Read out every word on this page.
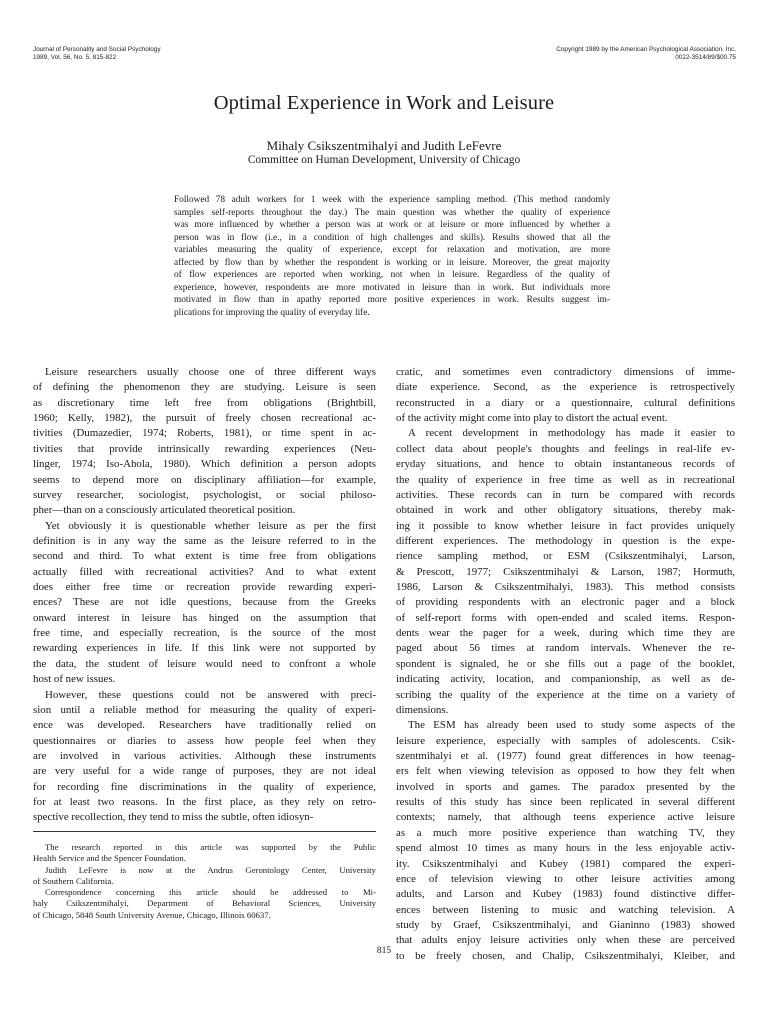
Journal of Personality and Social Psychology
1989, Vol. 56, No. 5, 815-822
Copyright 1989 by the American Psychological Association, Inc.
0022-3514/89/$00.75
Optimal Experience in Work and Leisure
Mihaly Csikszentmihalyi and Judith LeFevre
Committee on Human Development, University of Chicago
Followed 78 adult workers for 1 week with the experience sampling method. (This method randomly
samples self-reports throughout the day.) The main question was whether the quality of experience
was more influenced by whether a person was at work or at leisure or more influenced by whether a
person was in flow (i.e., in a condition of high challenges and skills). Results showed that all the
variables measuring the quality of experience, except for relaxation and motivation, are more
affected by flow than by whether the respondent is working or in leisure. Moreover, the great majority
of flow experiences are reported when working, not when in leisure. Regardless of the quality of
experience, however, respondents are more motivated in leisure than in work. But individuals more
motivated in flow than in apathy reported more positive experiences in work. Results suggest im-
plications for improving the quality of everyday life.
Leisure researchers usually choose one of three different ways
of defining the phenomenon they are studying. Leisure is seen
as discretionary time left free from obligations (Brightbill,
1960; Kelly, 1982), the pursuit of freely chosen recreational ac-
tivities (Dumazedier, 1974; Roberts, 1981), or time spent in ac-
tivities that provide intrinsically rewarding experiences (Neu-
linger, 1974; Iso-Ahola, 1980). Which definition a person adopts
seems to depend more on disciplinary affiliation—for example,
survey researcher, sociologist, psychologist, or social philoso-
pher—than on a consciously articulated theoretical position.
Yet obviously it is questionable whether leisure as per the first
definition is in any way the same as the leisure referred to in the
second and third. To what extent is time free from obligations
actually filled with recreational activities? And to what extent
does either free time or recreation provide rewarding experi-
ences? These are not idle questions, because from the Greeks
onward interest in leisure has hinged on the assumption that
free time, and especially recreation, is the source of the most
rewarding experiences in life. If this link were not supported by
the data, the student of leisure would need to confront a whole
host of new issues.
However, these questions could not be answered with preci-
sion until a reliable method for measuring the quality of experi-
ence was developed. Researchers have traditionally relied on
questionnaires or diaries to assess how people feel when they
are involved in various activities. Although these instruments
are very useful for a wide range of purposes, they are not ideal
for recording fine discriminations in the quality of experience,
for at least two reasons. In the first place, as they rely on retro-
spective recollection, they tend to miss the subtle, often idiosyn-
cratic, and sometimes even contradictory dimensions of imme-
diate experience. Second, as the experience is retrospectively
reconstructed in a diary or a questionnaire, cultural definitions
of the activity might come into play to distort the actual event.
A recent development in methodology has made it easier to
collect data about people's thoughts and feelings in real-life ev-
eryday situations, and hence to obtain instantaneous records of
the quality of experience in free time as well as in recreational
activities. These records can in turn be compared with records
obtained in work and other obligatory situations, thereby mak-
ing it possible to know whether leisure in fact provides uniquely
different experiences. The methodology in question is the expe-
rience sampling method, or ESM (Csikszentmihalyi, Larson,
& Prescott, 1977; Csikszentmihalyi & Larson, 1987; Hormuth,
1986, Larson & Csikszentmihalyi, 1983). This method consists
of providing respondents with an electronic pager and a block
of self-report forms with open-ended and scaled items. Respon-
dents wear the pager for a week, during which time they are
paged about 56 times at random intervals. Whenever the re-
spondent is signaled, he or she fills out a page of the booklet,
indicating activity, location, and companionship, as well as de-
scribing the quality of the experience at the time on a variety of
dimensions.
The ESM has already been used to study some aspects of the
leisure experience, especially with samples of adolescents. Csik-
szentmihalyi et al. (1977) found great differences in how teenag-
ers felt when viewing television as opposed to how they felt when
involved in sports and games. The paradox presented by the
results of this study has since been replicated in several different
contexts; namely, that although teens experience active leisure
as a much more positive experience than watching TV, they
spend almost 10 times as many hours in the less enjoyable activ-
ity. Csikszentmihalyi and Kubey (1981) compared the experi-
ence of television viewing to other leisure activities among
adults, and Larson and Kubey (1983) found distinctive differ-
ences between listening to music and watching television. A
study by Graef, Csikszentmihalyi, and Gianinno (1983) showed
that adults enjoy leisure activities only when these are perceived
to be freely chosen, and Chalip, Csikszentmihalyi, Kleiber, and
The research reported in this article was supported by the Public
Health Service and the Spencer Foundation.
Judith LeFevre is now at the Andrus Gerontology Center, University
of Southern California.
Correspondence concerning this article should be addressed to Mi-
haly Csikszentmihalyi, Department of Behavioral Sciences, University
of Chicago, 5848 South University Avenue, Chicago, Illinois 60637.
815
